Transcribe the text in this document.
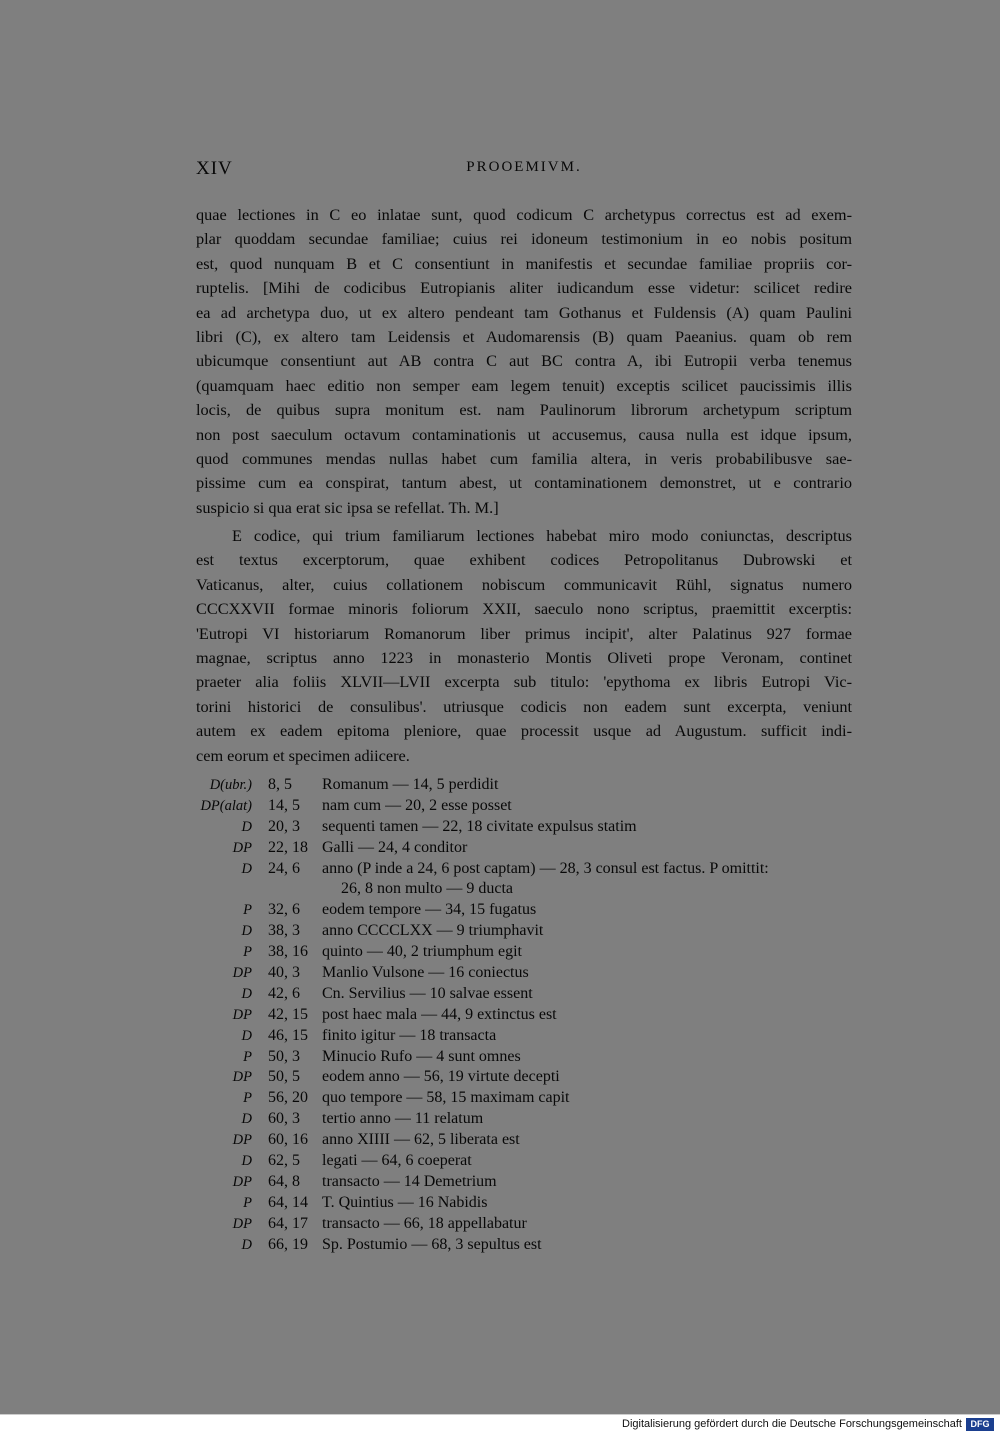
XIV	PROOEMIVM.
quae lectiones in C eo inlatae sunt, quod codicum C archetypus correctus est ad exem-
plar quoddam secundae familiae; cuius rei idoneum testimonium in eo nobis positum
est, quod nunquam B et C consentiunt in manifestis et secundae familiae propriis cor-
ruptelis. [Mihi de codicibus Eutropianis aliter iudicandum esse videtur: scilicet redire
ea ad archetypa duo, ut ex altero pendeant tam Gothanus et Fuldensis (A) quam Paulini
libri (C), ex altero tam Leidensis et Audomarensis (B) quam Paeanius. quam ob rem
ubicumque consentiunt aut AB contra C aut BC contra A, ibi Eutropii verba tenemus
(quamquam haec editio non semper eam legem tenuit) exceptis scilicet paucissimis illis
locis, de quibus supra monitum est. nam Paulinorum librorum archetypum scriptum
non post saeculum octavum contaminationis ut accusemus, causa nulla est idque ipsum,
quod communes mendas nullas habet cum familia altera, in veris probabilibusve sae-
pissime cum ea conspirat, tantum abest, ut contaminationem demonstret, ut e contrario
suspicio si qua erat sic ipsa se refellat. Th. M.]
E codice, qui trium familiarum lectiones habebat miro modo coniunctas, descriptus
est textus excerptorum, quae exhibent codices Petropolitanus Dubrowski et
Vaticanus, alter, cuius collationem nobiscum communicavit Rühl, signatus numero
CCCXXVII formae minoris foliorum XXII, saeculo nono scriptus, praemittit excerptis:
'Eutropi VI historiarum Romanorum liber primus incipit', alter Palatinus 927 formae
magnae, scriptus anno 1223 in monasterio Montis Oliveti prope Veronam, continet
praeter alia foliis XLVII—LVII excerpta sub titulo: 'epythoma ex libris Eutropi Vic-
torini historici de consulibus'. utriusque codicis non eadem sunt excerpta, veniunt
autem ex eadem epitoma pleniore, quae processit usque ad Augustum. sufficit indi-
cem eorum et specimen adiicere.
D(ubr.) 8, 5 Romanum — 14, 5 perdidit
DP(alat) 14, 5 nam cum — 20, 2 esse posset
D 20, 3 sequenti tamen — 22, 18 civitate expulsus statim
DP 22, 18 Galli — 24, 4 conditor
D 24, 6 anno (P inde a 24, 6 post captam) — 28, 3 consul est factus. P omittit:
26, 8 non multo — 9 ducta
P 32, 6 eodem tempore — 34, 15 fugatus
D 38, 3 anno CCCCLXX — 9 triumphavit
P 38, 16 quinto — 40, 2 triumphum egit
DP 40, 3 Manlio Vulsone — 16 coniectus
D 42, 6 Cn. Servilius — 10 salvae essent
DP 42, 15 post haec mala — 44, 9 extinctus est
D 46, 15 finito igitur — 18 transacta
P 50, 3 Minucio Rufo — 4 sunt omnes
DP 50, 5 eodem anno — 56, 19 virtute decepti
P 56, 20 quo tempore — 58, 15 maximam capit
D 60, 3 tertio anno — 11 relatum
DP 60, 16 anno XIIII — 62, 5 liberata est
D 62, 5 legati — 64, 6 coeperat
DP 64, 8 transacto — 14 Demetrium
P 64, 14 T. Quintius — 16 Nabidis
DP 64, 17 transacto — 66, 18 appellabatur
D 66, 19 Sp. Postumio — 68, 3 sepultus est
Digitalisierung gefördert durch die Deutsche Forschungsgemeinschaft DFG
